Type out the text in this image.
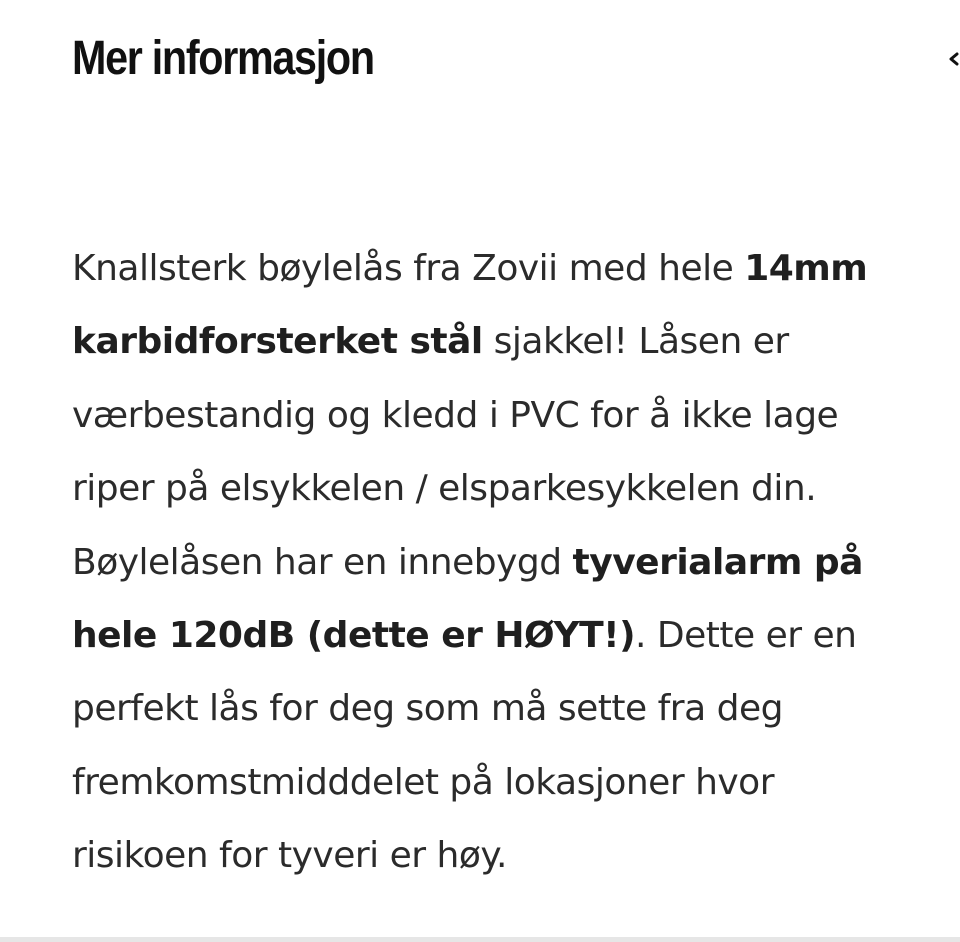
Mer informasjon

Knallsterk bøylelås fra Zovii med hele 14mm
karbidforsterket stål sjakkel! Låsen er
værbestandig og kledd i PVC for å ikke lage
riper på elsykkelen / elsparkesykkelen din.
Bøylelåsen har en innebygd tyverialarm på
hele 120dB (dette er HØYT!). Dette er en
perfekt lås for deg som må sette fra deg
fremkomstmidddelet på lokasjoner hvor
risikoen for tyveri er høy.
